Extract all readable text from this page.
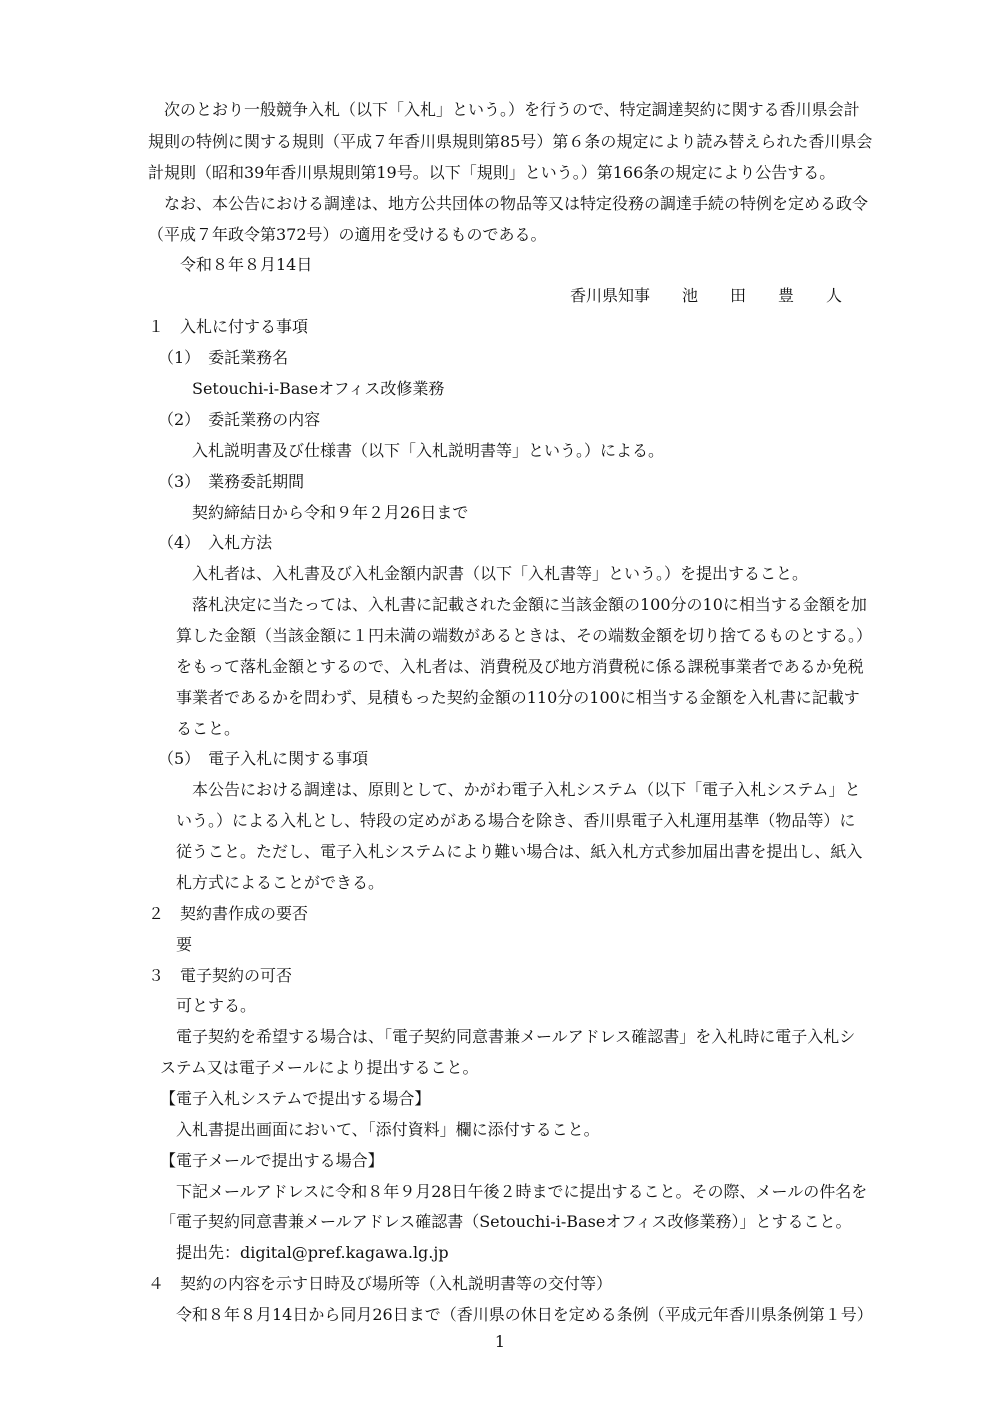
　次のとおり一般競争入札（以下「入札」という。）を行うので、特定調達契約に関する香川県会計
規則の特例に関する規則（平成７年香川県規則第85号）第６条の規定により読み替えられた香川県会
計規則（昭和39年香川県規則第19号。以下「規則」という。）第166条の規定により公告する。
　なお、本公告における調達は、地方公共団体の物品等又は特定役務の調達手続の特例を定める政令
（平成７年政令第372号）の適用を受けるものである。
令和８年８月14日
香川県知事　　池　　田　　豊　　人
１　入札に付する事項
（1）　委託業務名
Setouchi-i-Baseオフィス改修業務
（2）　委託業務の内容
入札説明書及び仕様書（以下「入札説明書等」という。）による。
（3）　業務委託期間
契約締結日から令和９年２月26日まで
（4）　入札方法
入札者は、入札書及び入札金額内訳書（以下「入札書等」という。）を提出すること。
落札決定に当たっては、入札書に記載された金額に当該金額の100分の10に相当する金額を加
算した金額（当該金額に１円未満の端数があるときは、その端数金額を切り捨てるものとする。）
をもって落札金額とするので、入札者は、消費税及び地方消費税に係る課税事業者であるか免税
事業者であるかを問わず、見積もった契約金額の110分の100に相当する金額を入札書に記載す
ること。
（5）　電子入札に関する事項
本公告における調達は、原則として、かがわ電子入札システム（以下「電子入札システム」と
いう。）による入札とし、特段の定めがある場合を除き、香川県電子入札運用基準（物品等）に
従うこと。ただし、電子入札システムにより難い場合は、紙入札方式参加届出書を提出し、紙入
札方式によることができる。
２　契約書作成の要否
要
３　電子契約の可否
可とする。
電子契約を希望する場合は、「電子契約同意書兼メールアドレス確認書」を入札時に電子入札シ
ステム又は電子メールにより提出すること。
【電子入札システムで提出する場合】
入札書提出画面において、「添付資料」欄に添付すること。
【電子メールで提出する場合】
下記メールアドレスに令和８年９月28日午後２時までに提出すること。その際、メールの件名を
「電子契約同意書兼メールアドレス確認書（Setouchi-i-Baseオフィス改修業務）」とすること。
提出先：digital@pref.kagawa.lg.jp
４　契約の内容を示す日時及び場所等（入札説明書等の交付等）
令和８年８月14日から同月26日まで（香川県の休日を定める条例（平成元年香川県条例第１号）
1
